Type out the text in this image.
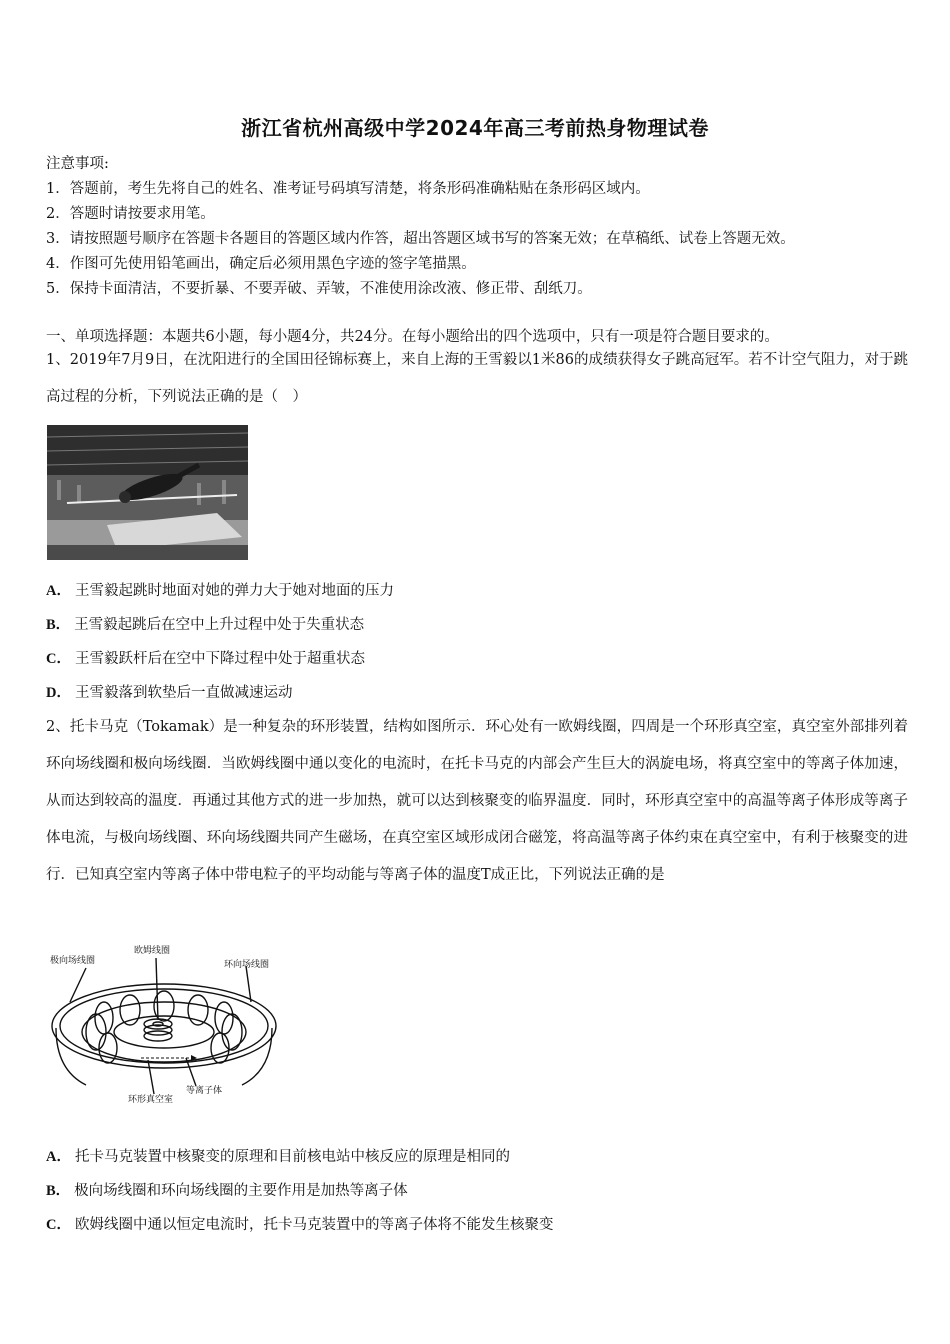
浙江省杭州高级中学2024年高三考前热身物理试卷
注意事项:
1．答题前，考生先将自己的姓名、准考证号码填写清楚，将条形码准确粘贴在条形码区域内。
2．答题时请按要求用笔。
3．请按照题号顺序在答题卡各题目的答题区域内作答，超出答题区域书写的答案无效；在草稿纸、试卷上答题无效。
4．作图可先使用铅笔画出，确定后必须用黑色字迹的签字笔描黑。
5．保持卡面清洁，不要折暴、不要弄破、弄皱，不准使用涂改液、修正带、刮纸刀。
一、单项选择题：本题共6小题，每小题4分，共24分。在每小题给出的四个选项中，只有一项是符合题目要求的。
1、2019年7月9日，在沈阳进行的全国田径锦标赛上，来自上海的王雪毅以1米86的成绩获得女子跳高冠军。若不计空气阻力，对于跳高过程的分析，下列说法正确的是（　）
A． 王雪毅起跳时地面对她的弹力大于她对地面的压力
B． 王雪毅起跳后在空中上升过程中处于失重状态
C． 王雪毅跃杆后在空中下降过程中处于超重状态
D． 王雪毅落到软垫后一直做减速运动
2、托卡马克（Tokamak）是一种复杂的环形装置，结构如图所示．环心处有一欧姆线圈，四周是一个环形真空室，真空室外部排列着环向场线圈和极向场线圈．当欧姆线圈中通以变化的电流时，在托卡马克的内部会产生巨大的涡旋电场，将真空室中的等离子体加速，从而达到较高的温度．再通过其他方式的进一步加热，就可以达到核聚变的临界温度．同时，环形真空室中的高温等离子体形成等离子体电流，与极向场线圈、环向场线圈共同产生磁场，在真空室区域形成闭合磁笼，将高温等离子体约束在真空室中，有利于核聚变的进行．已知真空室内等离子体中带电粒子的平均动能与等离子体的温度T成正比，下列说法正确的是
欧姆线圈
极向场线圈	环向场线圈
等离子体
环形真空室
A． 托卡马克装置中核聚变的原理和目前核电站中核反应的原理是相同的
B． 极向场线圈和环向场线圈的主要作用是加热等离子体
C． 欧姆线圈中通以恒定电流时，托卡马克装置中的等离子体将不能发生核聚变
